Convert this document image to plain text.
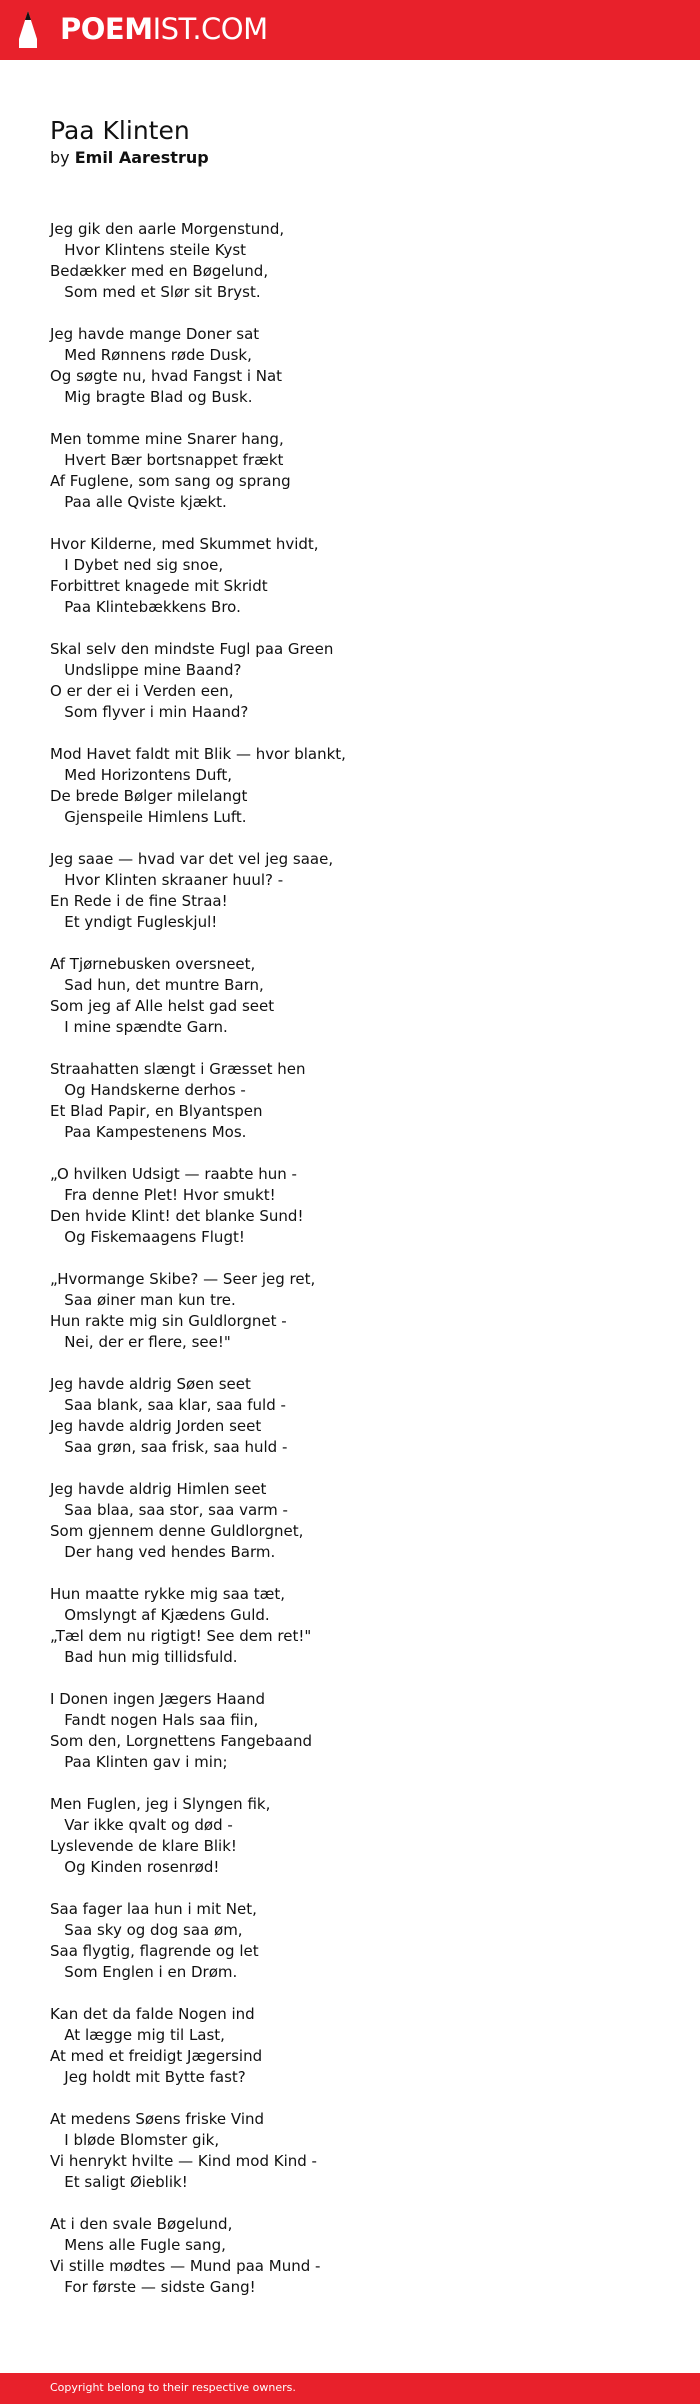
POEMIST.COM
Paa Klinten
by Emil Aarestrup
Jeg gik den aarle Morgenstund,
Hvor Klintens steile Kyst
Bedækker med en Bøgelund,
Som med et Slør sit Bryst.
Jeg havde mange Doner sat
Med Rønnens røde Dusk,
Og søgte nu, hvad Fangst i Nat
Mig bragte Blad og Busk.
Men tomme mine Snarer hang,
Hvert Bær bortsnappet frækt
Af Fuglene, som sang og sprang
Paa alle Qviste kjækt.
Hvor Kilderne, med Skummet hvidt,
I Dybet ned sig snoe,
Forbittret knagede mit Skridt
Paa Klintebækkens Bro.
Skal selv den mindste Fugl paa Green
Undslippe mine Baand?
O er der ei i Verden een,
Som flyver i min Haand?
Mod Havet faldt mit Blik — hvor blankt,
Med Horizontens Duft,
De brede Bølger milelangt
Gjenspeile Himlens Luft.
Jeg saae — hvad var det vel jeg saae,
Hvor Klinten skraaner huul? -
En Rede i de fine Straa!
Et yndigt Fugleskjul!
Af Tjørnebusken oversneet,
Sad hun, det muntre Barn,
Som jeg af Alle helst gad seet
I mine spændte Garn.
Straahatten slængt i Græsset hen
Og Handskerne derhos -
Et Blad Papir, en Blyantspen
Paa Kampestenens Mos.
„O hvilken Udsigt — raabte hun -
Fra denne Plet! Hvor smukt!
Den hvide Klint! det blanke Sund!
Og Fiskemaagens Flugt!
„Hvormange Skibe? — Seer jeg ret,
Saa øiner man kun tre.
Hun rakte mig sin Guldlorgnet -
Nei, der er flere, see!"
Jeg havde aldrig Søen seet
Saa blank, saa klar, saa fuld -
Jeg havde aldrig Jorden seet
Saa grøn, saa frisk, saa huld -
Jeg havde aldrig Himlen seet
Saa blaa, saa stor, saa varm -
Som gjennem denne Guldlorgnet,
Der hang ved hendes Barm.
Hun maatte rykke mig saa tæt,
Omslyngt af Kjædens Guld.
„Tæl dem nu rigtigt! See dem ret!"
Bad hun mig tillidsfuld.
I Donen ingen Jægers Haand
Fandt nogen Hals saa fiin,
Som den, Lorgnettens Fangebaand
Paa Klinten gav i min;
Men Fuglen, jeg i Slyngen fik,
Var ikke qvalt og død -
Lyslevende de klare Blik!
Og Kinden rosenrød!
Saa fager laa hun i mit Net,
Saa sky og dog saa øm,
Saa flygtig, flagrende og let
Som Englen i en Drøm.
Kan det da falde Nogen ind
At lægge mig til Last,
At med et freidigt Jægersind
Jeg holdt mit Bytte fast?
At medens Søens friske Vind
I bløde Blomster gik,
Vi henrykt hvilte — Kind mod Kind -
Et saligt Øieblik!
At i den svale Bøgelund,
Mens alle Fugle sang,
Vi stille mødtes — Mund paa Mund -
For første — sidste Gang!
Copyright belong to their respective owners.
